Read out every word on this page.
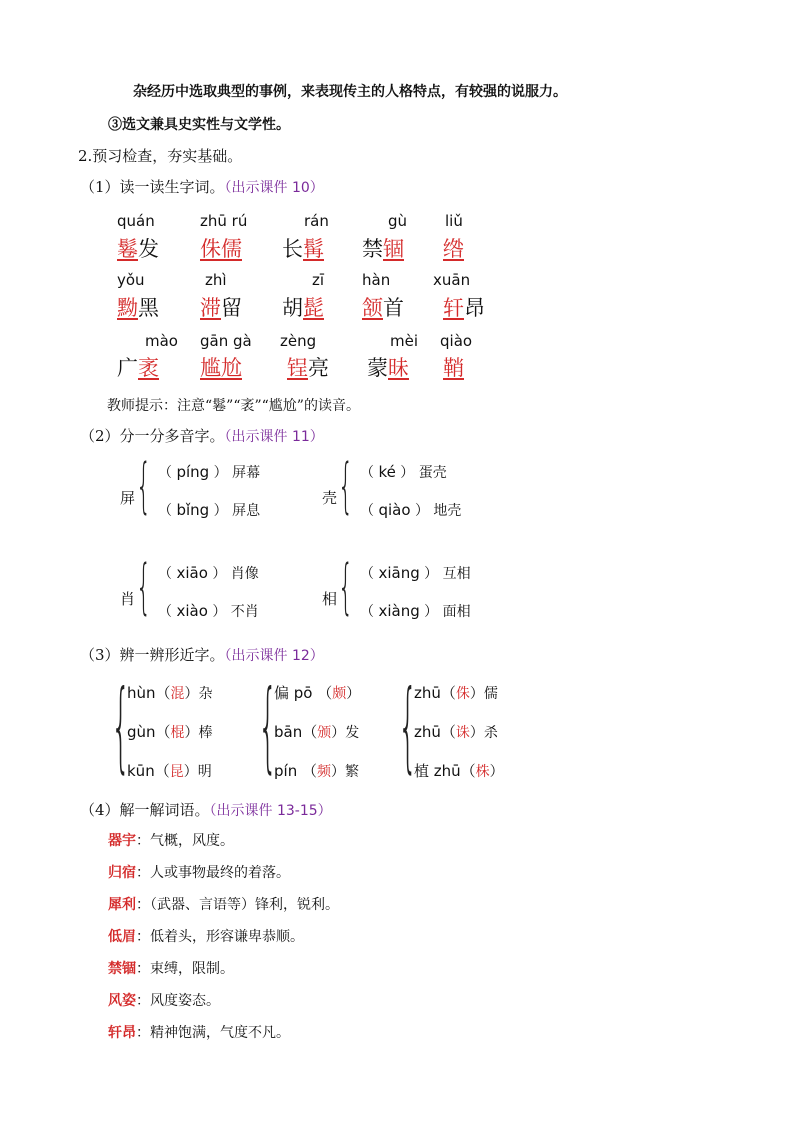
杂经历中选取典型的事例，来表现传主的人格特点，有较强的说服力。
③选文兼具史实性与文学性。
2.预习检查，夯实基础。
（1）读一读生字词。（出示课件 10）
quán
鬈发
zhū rú
侏儒
rán
长髯
gù
禁锢
liǔ
绺
yǒu
黝黑
zhì
滞留
zī
胡髭
hàn
颔首
xuān
轩昂
mào
广袤
gān gà
尴尬
zèng
锃亮
mèi
蒙昧
qiào
鞘
教师提示：注意“鬈”“袤”“尴尬”的读音。
（2）分一分多音字。（出示课件 11）
屏 { （ píng ） 屏幕
（ bǐng ） 屏息
壳 { （ ké ） 蛋壳
（ qiào ） 地壳
肖 { （ xiāo ） 肖像
（ xiào ） 不肖
相 { （ xiāng ） 互相
（ xiàng ） 面相
（3）辨一辨形近字。（出示课件 12）
{
hùn（混）杂
gùn（棍）棒
kūn（昆）明 {
偏 pō （颇）
bān（颁）发
pín （频）繁 {
zhū（侏）儒
zhū（诛）杀
植 zhū（株）
（4）解一解词语。（出示课件 13-15）
器宇：气概，风度。
归宿：人或事物最终的着落。
犀利：（武器、言语等）锋利，锐利。
低眉：低着头，形容谦卑恭顺。
禁锢：束缚，限制。
风姿：风度姿态。
轩昂：精神饱满，气度不凡。
